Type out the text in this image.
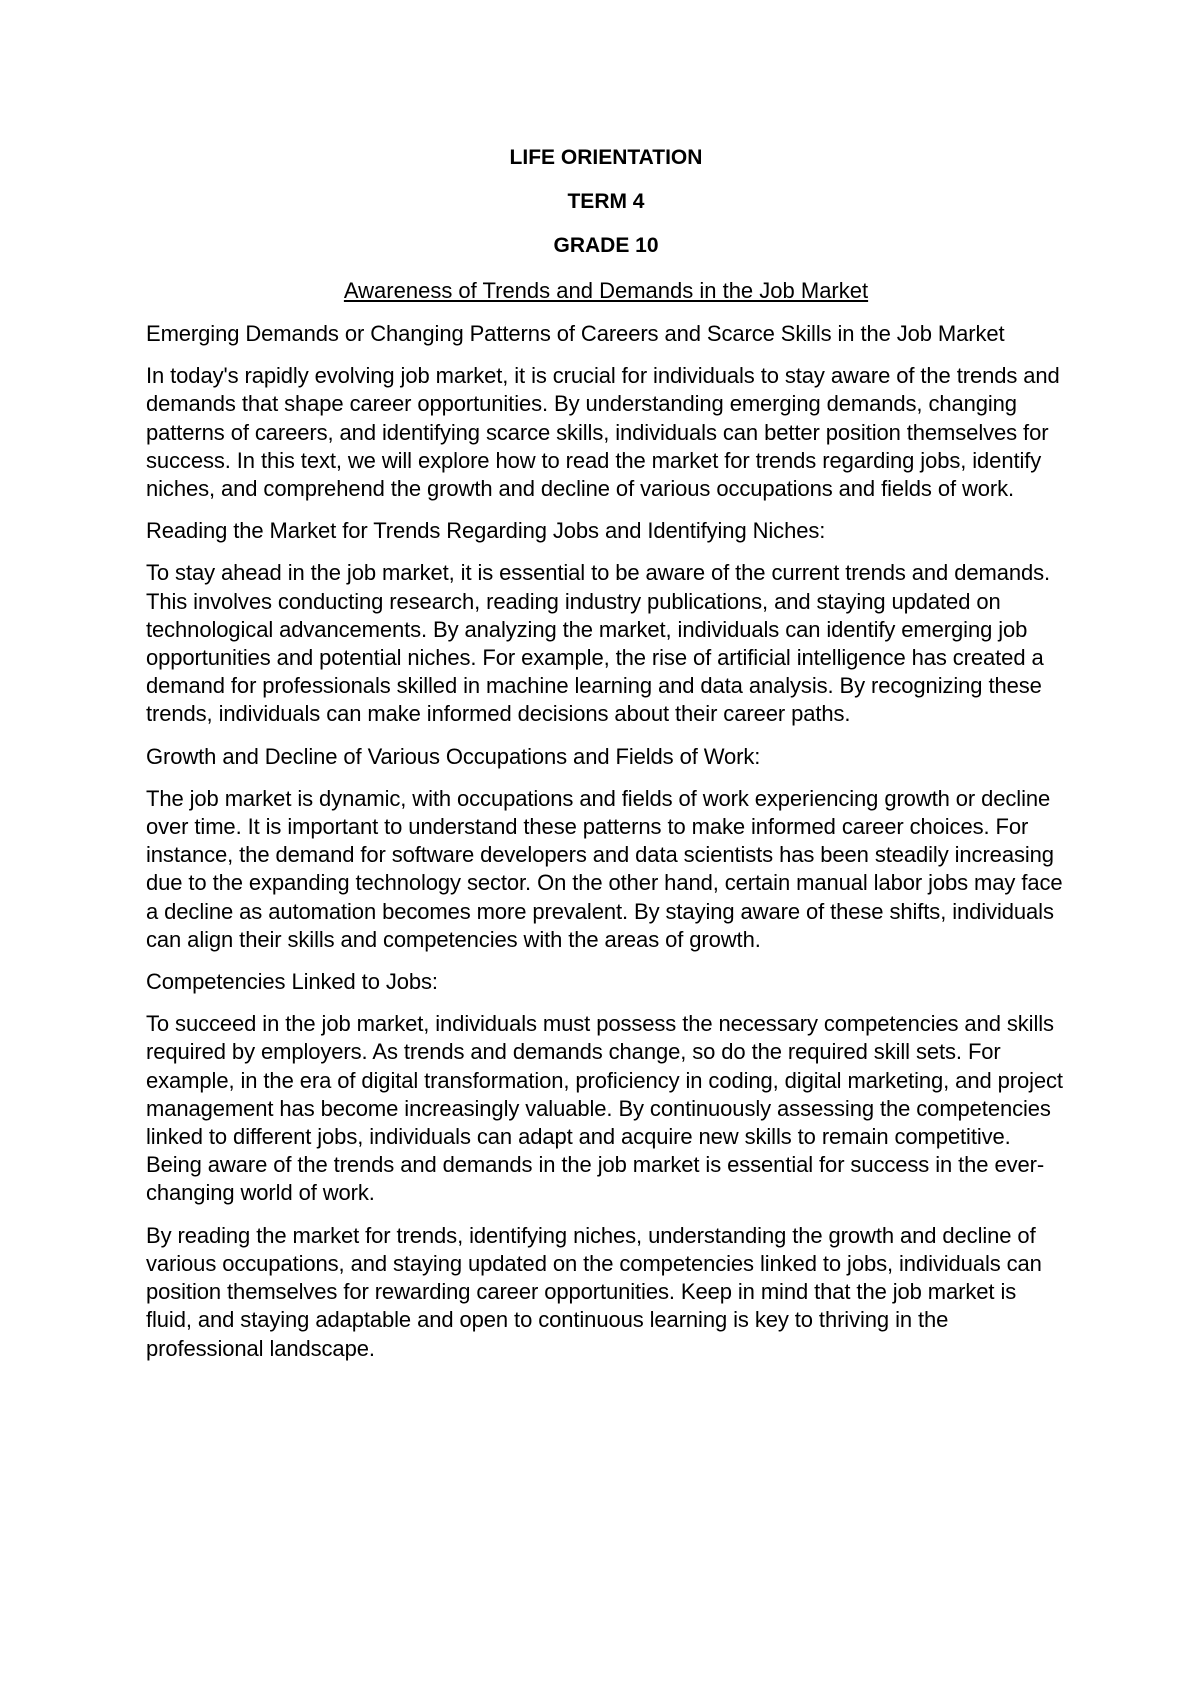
LIFE ORIENTATION
TERM 4
GRADE 10
Awareness of Trends and Demands in the Job Market

Emerging Demands or Changing Patterns of Careers and Scarce Skills in the Job Market

In today's rapidly evolving job market, it is crucial for individuals to stay aware of the trends and demands that shape career opportunities. By understanding emerging demands, changing patterns of careers, and identifying scarce skills, individuals can better position themselves for success. In this text, we will explore how to read the market for trends regarding jobs, identify niches, and comprehend the growth and decline of various occupations and fields of work.

Reading the Market for Trends Regarding Jobs and Identifying Niches:

To stay ahead in the job market, it is essential to be aware of the current trends and demands. This involves conducting research, reading industry publications, and staying updated on technological advancements. By analyzing the market, individuals can identify emerging job opportunities and potential niches. For example, the rise of artificial intelligence has created a demand for professionals skilled in machine learning and data analysis. By recognizing these trends, individuals can make informed decisions about their career paths.

Growth and Decline of Various Occupations and Fields of Work:

The job market is dynamic, with occupations and fields of work experiencing growth or decline over time. It is important to understand these patterns to make informed career choices. For instance, the demand for software developers and data scientists has been steadily increasing due to the expanding technology sector. On the other hand, certain manual labor jobs may face a decline as automation becomes more prevalent. By staying aware of these shifts, individuals can align their skills and competencies with the areas of growth.

Competencies Linked to Jobs:

To succeed in the job market, individuals must possess the necessary competencies and skills required by employers. As trends and demands change, so do the required skill sets. For example, in the era of digital transformation, proficiency in coding, digital marketing, and project management has become increasingly valuable. By continuously assessing the competencies linked to different jobs, individuals can adapt and acquire new skills to remain competitive. Being aware of the trends and demands in the job market is essential for success in the ever-changing world of work.

By reading the market for trends, identifying niches, understanding the growth and decline of various occupations, and staying updated on the competencies linked to jobs, individuals can position themselves for rewarding career opportunities. Keep in mind that the job market is fluid, and staying adaptable and open to continuous learning is key to thriving in the professional landscape.
